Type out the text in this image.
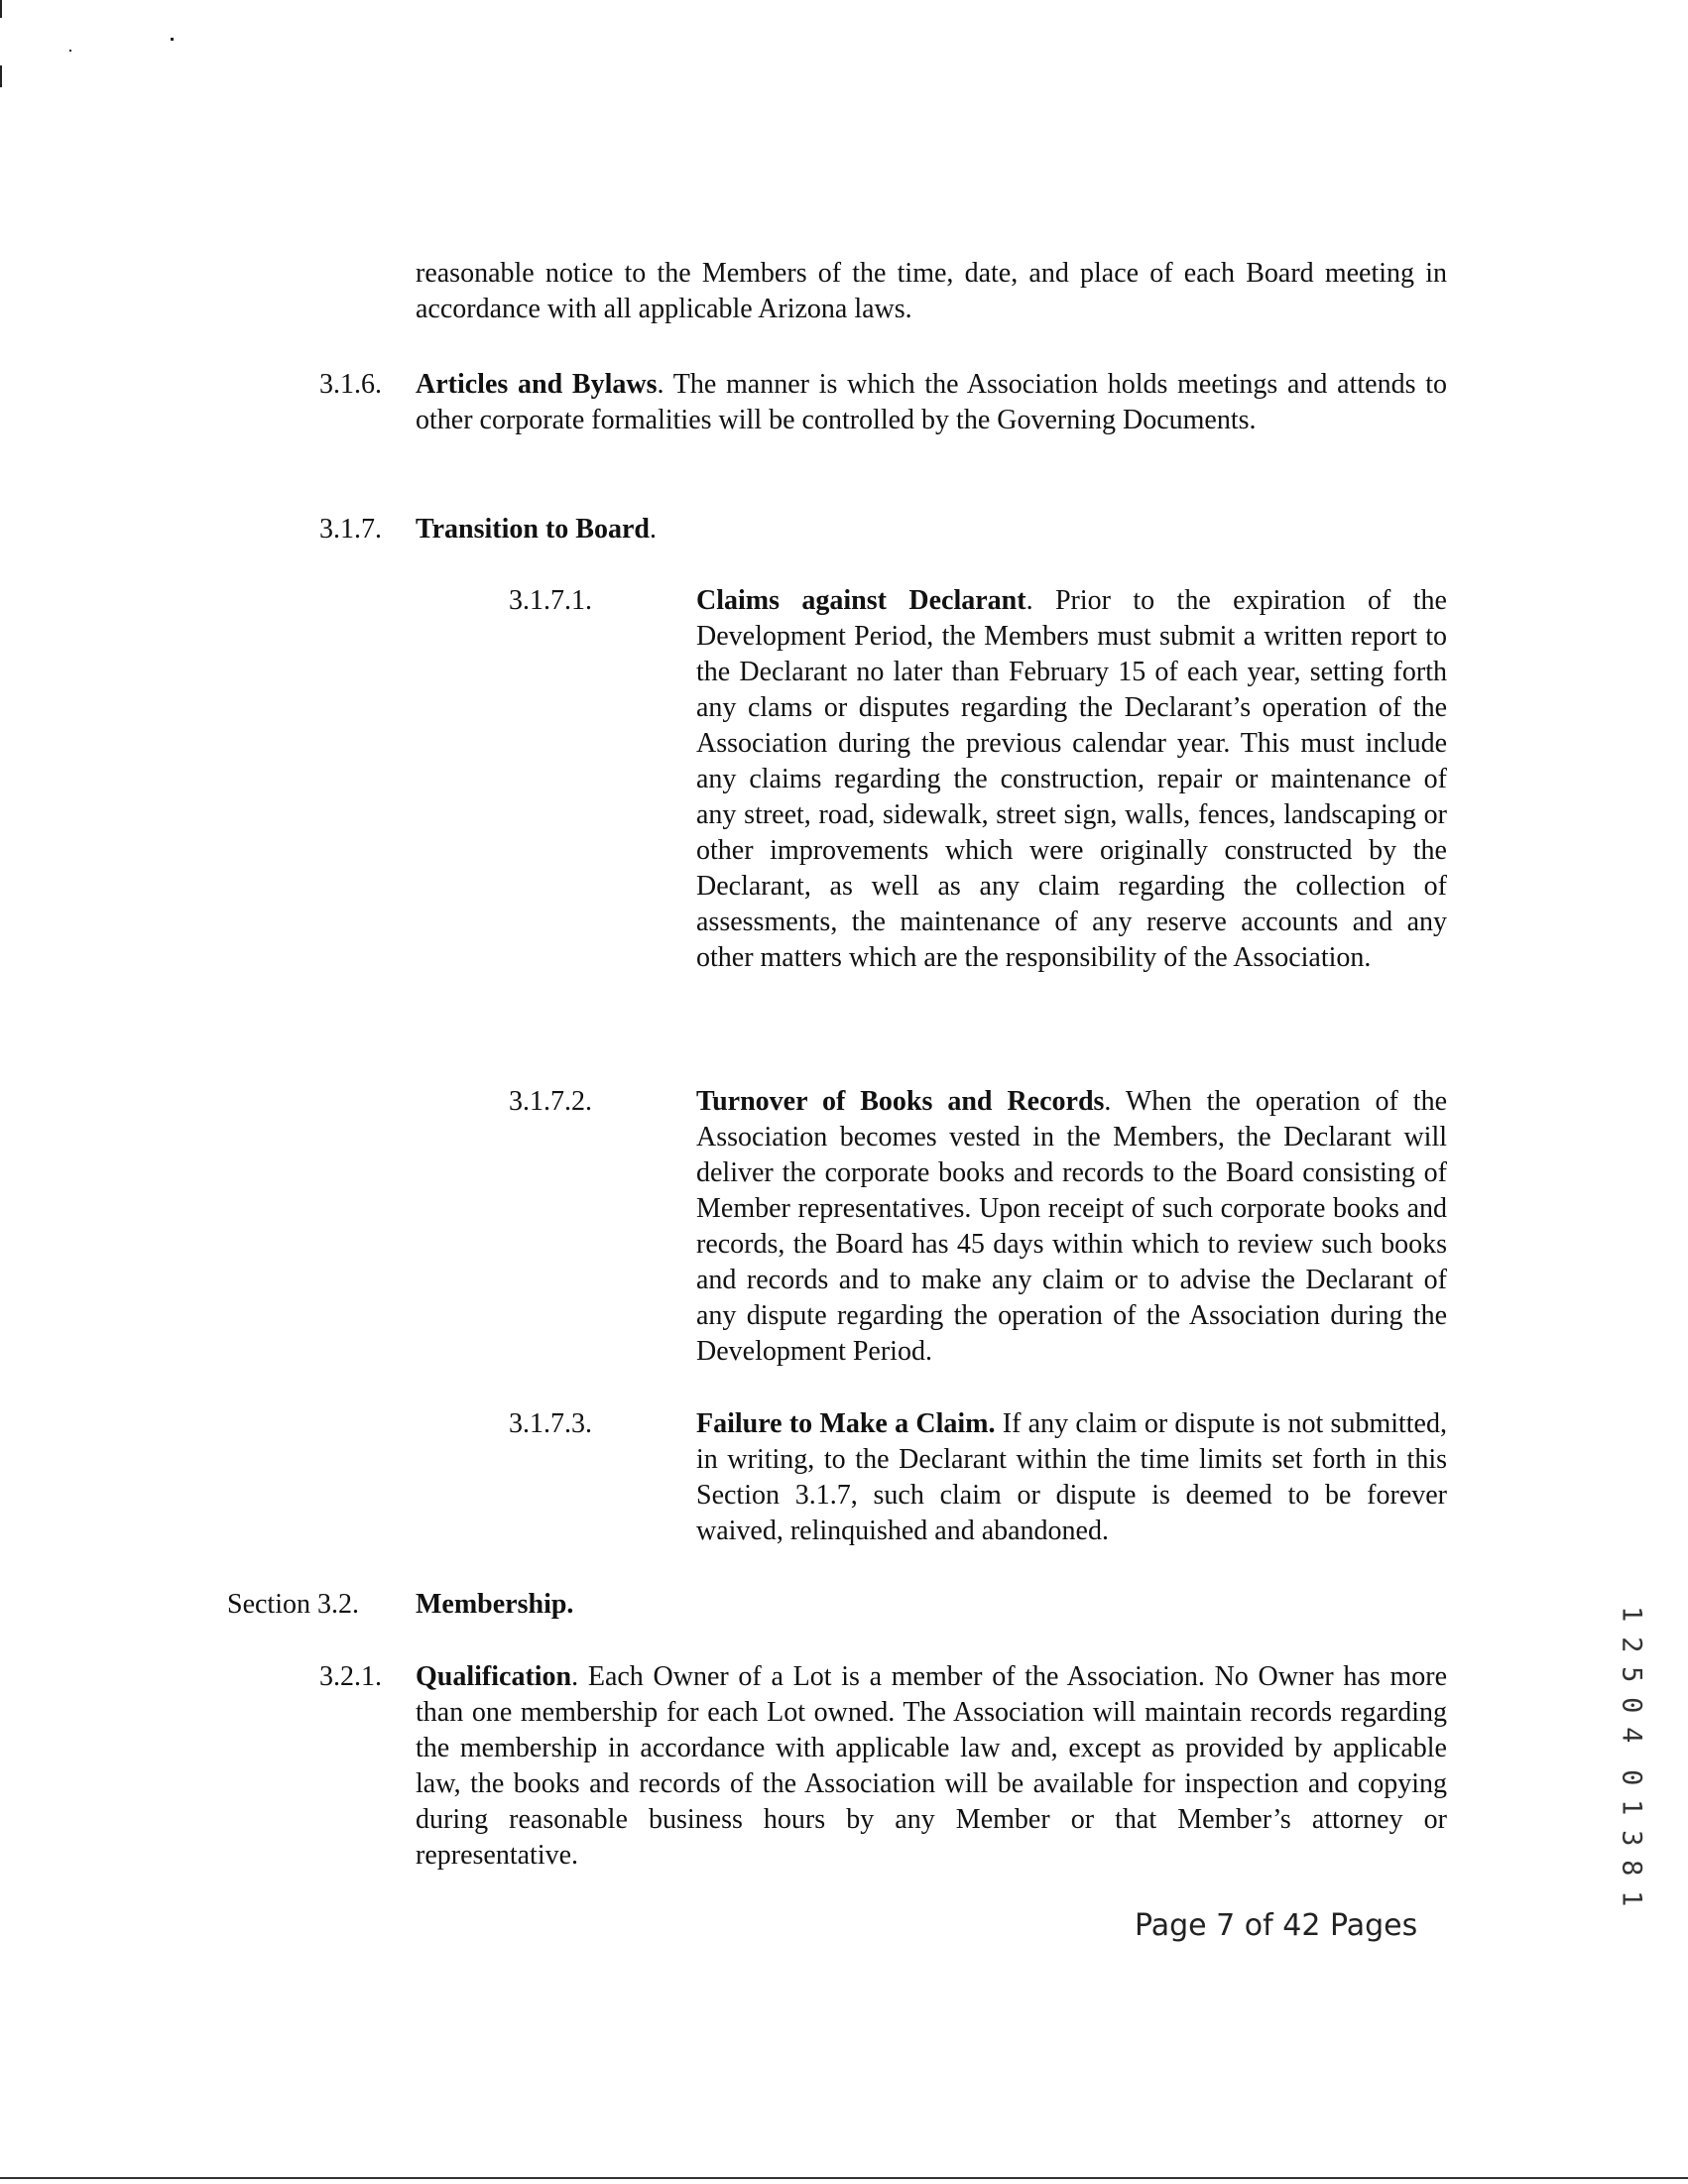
reasonable notice to the Members of the time, date, and place of each Board meeting in accordance with all applicable Arizona laws.

3.1.6. Articles and Bylaws. The manner is which the Association holds meetings and attends to other corporate formalities will be controlled by the Governing Documents.

3.1.7. Transition to Board.

3.1.7.1.	Claims against Declarant. Prior to the expiration of the Development Period, the Members must submit a written report to the Declarant no later than February 15 of each year, setting forth any clams or disputes regarding the Declarant’s operation of the Association during the previous calendar year. This must include any claims regarding the construction, repair or maintenance of any street, road, sidewalk, street sign, walls, fences, landscaping or other improvements which were originally constructed by the Declarant, as well as any claim regarding the collection of assessments, the maintenance of any reserve accounts and any other matters which are the responsibility of the Association.

3.1.7.2.	Turnover of Books and Records. When the operation of the Association becomes vested in the Members, the Declarant will deliver the corporate books and records to the Board consisting of Member representatives. Upon receipt of such corporate books and records, the Board has 45 days within which to review such books and records and to make any claim or to advise the Declarant of any dispute regarding the operation of the Association during the Development Period.

3.1.7.3.	Failure to Make a Claim. If any claim or dispute is not submitted, in writing, to the Declarant within the time limits set forth in this Section 3.1.7, such claim or dispute is deemed to be forever waived, relinquished and abandoned.

Section 3.2. Membership.
3.2.1. Qualification. Each Owner of a Lot is a member of the Association. No Owner has more than one membership for each Lot owned. The Association will maintain records regarding the membership in accordance with applicable law and, except as provided by applicable law, the books and records of the Association will be available for inspection and copying during reasonable business hours by any Member or that Member’s attorney or representative.

1
2
5
0
4
0
1
3
8
1
Page 7 of 42 Pages
